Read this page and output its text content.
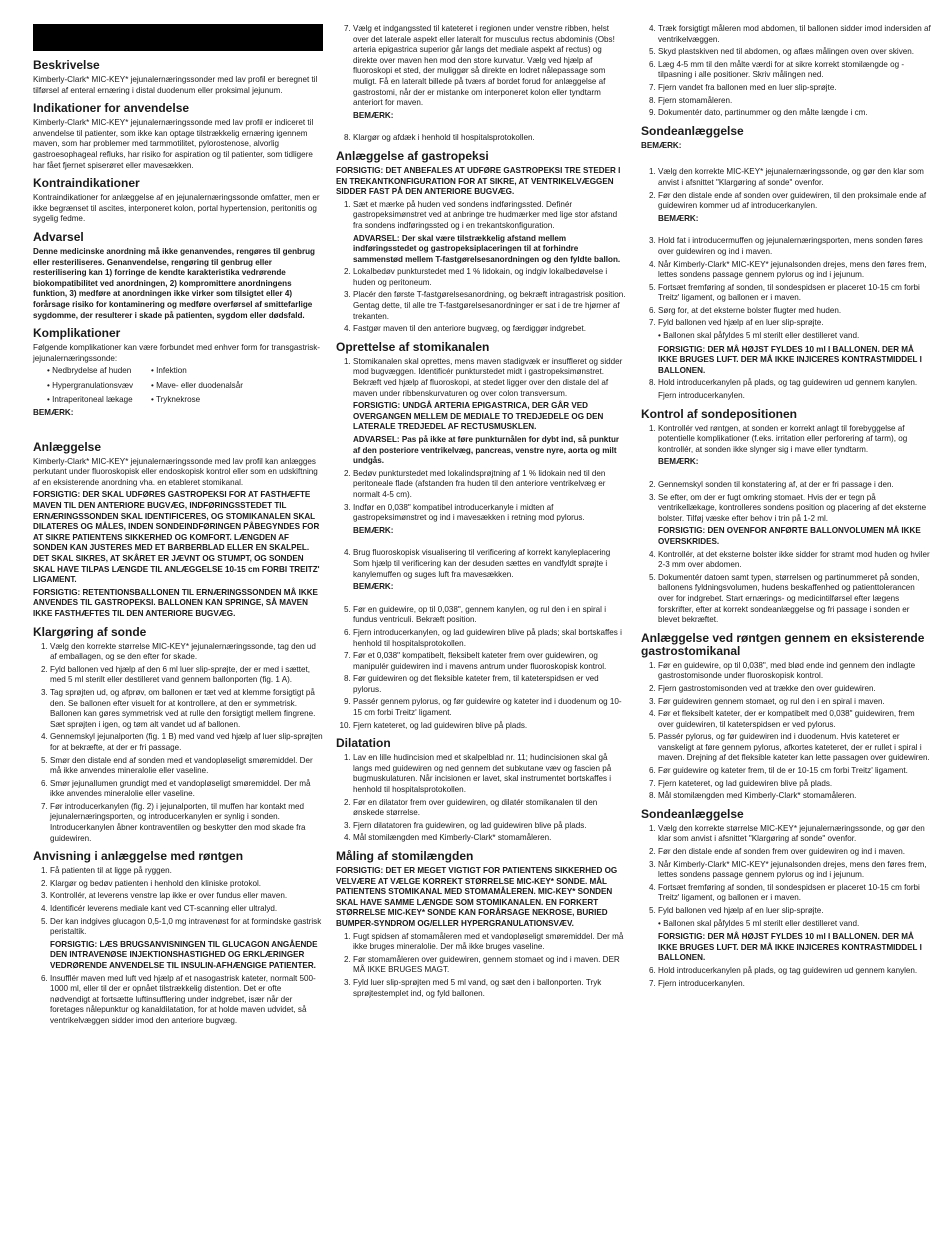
Beskrivelse

Kimberly-Clark* MIC-KEY* jejunalernæringssonder med lav profil er beregnet til tilførsel af enteral ernæring i distal duodenum eller proksimal jejunum.

Indikationer for anvendelse

Kimberly-Clark* MIC-KEY* jejunalernæringssonde med lav profil er indiceret til anvendelse til patienter, som ikke kan optage tilstrækkelig ernæring igennem maven, som har problemer med tarmmotilitet, pylorostenose, alvorlig gastroesophageal refluks, har risiko for aspiration og til patienter, som tidligere har fået fjernet spiserøret eller mavesækken.

Kontraindikationer

Kontraindikationer for anlæggelse af en jejunalernæringssonde omfatter, men er ikke begrænset til ascites, interponeret kolon, portal hypertension, peritonitis og sygelig fedme.

Advarsel

Denne medicinske anordning må ikke genanvendes, rengøres til genbrug eller resteriliseres. Genanvendelse, rengøring til genbrug eller resterilisering kan 1) forringe de kendte karakteristika vedrørende biokompatibilitet ved anordningen, 2) kompromittere anordningens funktion, 3) medføre at anordningen ikke virker som tilsigtet eller 4) forårsage risiko for kontaminering og medføre overførsel af smittefarlige sygdomme, der resulterer i skade på patienten, sygdom eller dødsfald.

Komplikationer

Følgende komplikationer kan være forbundet med enhver form for transgastrisk-jejunalernæringssonde:

• Nedbrydelse af huden	• Infektion
• Hypergranulationsvæv	• Mave- eller duodenalsår
• Intraperitoneal lækage	• Tryknekrose

BEMÆRK:

Anlæggelse

Kimberly-Clark* MIC-KEY* jejunalernæringssonde med lav profil kan anlægges perkutant under fluoroskopisk eller endoskopisk kontrol eller som en udskiftning af en eksisterende anordning vha. en etableret stomikanal.

FORSIGTIG: DER SKAL UDFØRES GASTROPEKSI FOR AT FASTHÆFTE MAVEN TIL DEN ANTERIORE BUGVÆG, INDFØRINGSSTEDET TIL ERNÆRINGSSONDEN SKAL IDENTIFICERES, OG STOMIKANALEN SKAL DILATERES OG MÅLES, INDEN SONDEINDFØRINGEN PÅBEGYNDES FOR AT SIKRE PATIENTENS SIKKERHED OG KOMFORT. LÆNGDEN AF SONDEN KAN JUSTERES MED ET BARBERBLAD ELLER EN SKALPEL. DET SKAL SIKRES, AT SKÅRET ER JÆVNT OG STUMPT, OG SONDEN SKAL HAVE TILPAS LÆNGDE TIL ANLÆGGELSE 10-15 cm FORBI TREITZ' LIGAMENT.

FORSIGTIG: RETENTIONSBALLONEN TIL ERNÆRINGSSONDEN MÅ IKKE ANVENDES TIL GASTROPEKSI. BALLONEN KAN SPRINGE, SÅ MAVEN IKKE FASTHÆFTES TIL DEN ANTERIORE BUGVÆG.

Klargøring af sonde
1. Vælg den korrekte størrelse MIC-KEY* jejunalernæringssonde, tag den ud af emballagen, og se den efter for skade.
2. Fyld ballonen ved hjælp af den 6 ml luer slip-sprøjte, der er med i sættet, med 5 ml sterilt eller destilleret vand gennem ballonporten (fig. 1 A).
3. Tag sprøjten ud, og afprøv, om ballonen er tæt ved at klemme forsigtigt på den. Se ballonen efter visuelt for at kontrollere, at den er symmetrisk. Ballonen kan gøres symmetrisk ved at rulle den forsigtigt mellem fingrene. Sæt sprøjten i igen, og tøm alt vandet ud af ballonen.
4. Gennemskyl jejunalporten (fig. 1 B) med vand ved hjælp af luer slip-sprøjten for at bekræfte, at der er fri passage.
5. Smør den distale end af sonden med et vandopløseligt smøremiddel. Der må ikke anvendes mineralolie eller vaseline.
6. Smør jejunallumen grundigt med et vandopløseligt smøremiddel. Der må ikke anvendes mineralolie eller vaseline.
7. Før introducerkanylen (fig. 2) i jejunalporten, til muffen har kontakt med jejunalernæringsporten, og introducerkanylen er synlig i sonden. Introducerkanylen åbner kontraventilen og beskytter den mod skade fra guidewiren.
Anvisning i anlæggelse med røntgen
1. Få patienten til at ligge på ryggen.
2. Klargør og bedøv patienten i henhold den kliniske protokol.
3. Kontrollér, at leverens venstre lap ikke er over fundus eller maven.
4. Identificér leverens mediale kant ved CT-scanning eller ultralyd.
5. Der kan indgives glucagon 0,5-1,0 mg intravenøst for at formindske gastrisk peristaltik.
FORSIGTIG: LÆS BRUGSANVISNINGEN TIL GLUCAGON ANGÅENDE DEN INTRAVENØSE INJEKTIONSHASTIGHED OG ERKLÆRINGER VEDRØRENDE ANVENDELSE TIL INSULIN-AFHÆNGIGE PATIENTER.
6. Insufflér maven med luft ved hjælp af et nasogastrisk kateter, normalt 500-1000 ml, eller til der er opnået tilstrækkelig distention. Det er ofte nødvendigt at fortsætte luftinsufflering under indgrebet, især når der foretages nålepunktur og kanaldilatation, for at holde maven udvidet, så ventrikelvæggen sidder imod den anteriore bugvæg.
7. Vælg et indgangssted til kateteret i regionen under venstre ribben, helst over det laterale aspekt eller lateralt for musculus rectus abdominis (Obs! arteria epigastrica superior går langs det mediale aspekt af rectus) og direkte over maven hen mod den store kurvatur. Vælg ved hjælp af fluoroskopi et sted, der muliggør så direkte en lodret nålepassage som muligt. Få en lateralt billede på tværs af bordet forud for anlæggelse af gastrostomi, når der er mistanke om interponeret kolon eller tyndtarm anteriort for maven.
BEMÆRK:
8. Klargør og afdæk i henhold til hospitalsprotokollen.
Anlæggelse af gastropeksi

FORSIGTIG: DET ANBEFALES AT UDFØRE GASTROPEKSI TRE STEDER I EN TREKANTKONFIGURATION FOR AT SIKRE, AT VENTRIKELVÆGGEN SIDDER FAST PÅ DEN ANTERIORE BUGVÆG.

1. Sæt et mærke på huden ved sondens indføringssted. Definér gastropeksimønstret ved at anbringe tre hudmærker med lige stor afstand fra sondens indføringssted og i en trekantskonfiguration.
ADVARSEL: Der skal være tilstrækkelig afstand mellem indføringsstedet og gastropeksiplaceringen til at forhindre sammenstød mellem T-fastgørelsesanordningen og den fyldte ballon.
2. Lokalbedøv punkturstedet med 1 % lidokain, og indgiv lokalbedøvelse i huden og peritoneum.
3. Placér den første T-fastgørelsesanordning, og bekræft intragastrisk position. Gentag dette, til alle tre T-fastgørelsesanordninger er sat i de tre hjørner af trekanten.
4. Fastgør maven til den anteriore bugvæg, og færdiggør indgrebet.
Oprettelse af stomikanalen
1. Stomikanalen skal oprettes, mens maven stadigvæk er insuffleret og sidder mod bugvæggen. Identificér punkturstedet midt i gastropeksimønstret. Bekræft ved hjælp af fluoroskopi, at stedet ligger over den distale del af maven under ribbenskurvaturen og over colon transversum.
FORSIGTIG: UNDGÅ ARTERIA EPIGASTRICA, DER GÅR VED OVERGANGEN MELLEM DE MEDIALE TO TREDJEDELE OG DEN LATERALE TREDJEDEL AF RECTUSMUSKLEN.
ADVARSEL: Pas på ikke at føre punkturnålen for dybt ind, så punktur af den posteriore ventrikelvæg, pancreas, venstre nyre, aorta og milt undgås.
2. Bedøv punkturstedet med lokalindsprøjtning af 1 % lidokain ned til den peritoneale flade (afstanden fra huden til den anteriore ventrikelvæg er normalt 4-5 cm).
3. Indfør en 0,038" kompatibel introducerkanyle i midten af gastropeksimønstret og ind i mavesækken i retning mod pylorus.
BEMÆRK:
4. Brug fluoroskopisk visualisering til verificering af korrekt kanyleplacering Som hjælp til verificering kan der desuden sættes en vandfyldt sprøjte i kanylemuffen og suges luft fra mavesækken.
BEMÆRK:
5. Før en guidewire, op til 0,038", gennem kanylen, og rul den i en spiral i fundus ventriculi. Bekræft position.
6. Fjern introducerkanylen, og lad guidewiren blive på plads; skal bortskaffes i henhold til hospitalsprotokollen.
7. Før et 0,038" kompatibelt, fleksibelt kateter frem over guidewiren, og manipulér guidewiren ind i mavens antrum under fluoroskopisk kontrol.
8. Før guidewiren og det fleksible kateter frem, til kateterspidsen er ved pylorus.
9. Passér gennem pylorus, og før guidewire og kateter ind i duodenum og 10-15 cm forbi Treitz' ligament.
10. Fjern kateteret, og lad guidewiren blive på plads.
Dilatation
1. Lav en lille hudincision med et skalpelblad nr. 11; hudincisionen skal gå langs med guidewiren og ned gennem det subkutane væv og fascien på bugmuskulaturen. Når incisionen er lavet, skal instrumentet bortskaffes i henhold til hospitalsprotokollen.
2. Før en dilatator frem over guidewiren, og dilatér stomikanalen til den ønskede størrelse.
3. Fjern dilatatoren fra guidewiren, og lad guidewiren blive på plads.
4. Mål stomilængden med Kimberly-Clark* stomamåleren.
Måling af stomilængden

FORSIGTIG: DET ER MEGET VIGTIGT FOR PATIENTENS SIKKERHED OG VELVÆRE AT VÆLGE KORREKT STØRRELSE MIC-KEY* SONDE. MÅL PATIENTENS STOMIKANAL MED STOMAMÅLEREN. MIC-KEY* SONDEN SKAL HAVE SAMME LÆNGDE SOM STOMIKANALEN. EN FORKERT STØRRELSE MIC-KEY* SONDE KAN FORÅRSAGE NEKROSE, BURIED BUMPER-SYNDROM OG/ELLER HYPERGRANULATIONSVÆV.

1. Fugt spidsen af stomamåleren med et vandopløseligt smøremiddel. Der må ikke bruges mineralolie. Der må ikke bruges vaseline.
2. Før stomamåleren over guidewiren, gennem stomaet og ind i maven. DER MÅ IKKE BRUGES MAGT.
3. Fyld luer slip-sprøjten med 5 ml vand, og sæt den i ballonporten. Tryk sprøjtestemplet ind, og fyld ballonen.
4. Træk forsigtigt måleren mod abdomen, til ballonen sidder imod indersiden af ventrikelvæggen.
5. Skyd plastskiven ned til abdomen, og aflæs målingen oven over skiven.
6. Læg 4-5 mm til den målte værdi for at sikre korrekt stomilængde og -tilpasning i alle positioner. Skriv målingen ned.
7. Fjern vandet fra ballonen med en luer slip-sprøjte.
8. Fjern stomamåleren.
9. Dokumentér dato, partinummer og den målte længde i cm.
Sondeanlæggelse

BEMÆRK:

1. Vælg den korrekte MIC-KEY* jejunalernæringssonde, og gør den klar som anvist i afsnittet "Klargøring af sonde" ovenfor.
2. Før den distale ende af sonden over guidewiren, til den proksimale ende af guidewiren kommer ud af introducerkanylen.
BEMÆRK:
3. Hold fat i introducermuffen og jejunalernæringsporten, mens sonden føres over guidewiren og ind i maven.
4. Når Kimberly-Clark* MIC-KEY* jejunalsonden drejes, mens den føres frem, lettes sondens passage gennem pylorus og ind i jejunum.
5. Fortsæt fremføring af sonden, til sondespidsen er placeret 10-15 cm forbi Treitz' ligament, og ballonen er i maven.
6. Sørg for, at det eksterne bolster flugter med huden.
7. Fyld ballonen ved hjælp af en luer slip-sprøjte.
• Ballonen skal påfyldes 5 ml sterilt eller destilleret vand.
FORSIGTIG: DER MÅ HØJST FYLDES 10 ml I BALLONEN. DER MÅ IKKE BRUGES LUFT. DER MÅ IKKE INJICERES KONTRASTMIDDEL I BALLONEN.
8. Hold introducerkanylen på plads, og tag guidewiren ud gennem kanylen.
Fjern introducerkanylen.
Kontrol af sondepositionen
1. Kontrollér ved røntgen, at sonden er korrekt anlagt til forebyggelse af potentielle komplikationer (f.eks. irritation eller perforering af tarm), og kontrollér, at sonden ikke slynger sig i mave eller tyndtarm.
BEMÆRK:
2. Gennemskyl sonden til konstatering af, at der er fri passage i den.
3. Se efter, om der er fugt omkring stomaet. Hvis der er tegn på ventrikellækage, kontrolleres sondens position og placering af det eksterne bolster. Tilføj væske efter behov i trin på 1-2 ml.
FORSIGTIG: DEN OVENFOR ANFØRTE BALLONVOLUMEN MÅ IKKE OVERSKRIDES.
4. Kontrollér, at det eksterne bolster ikke sidder for stramt mod huden og hviler 2-3 mm over abdomen.
5. Dokumentér datoen samt typen, størrelsen og partinummeret på sonden, ballonens fyldningsvolumen, hudens beskaffenhed og patienttolerancen over for indgrebet. Start ernærings- og medicintilførsel efter lægens forskrifter, efter at korrekt sondeanlæggelse og fri passage i sonden er blevet bekræftet.
Anlæggelse ved røntgen gennem en eksisterende gastrostomikanal
1. Før en guidewire, op til 0,038", med blød ende ind gennem den indlagte gastrostomisonde under fluoroskopisk kontrol.
2. Fjern gastrostomisonden ved at trække den over guidewiren.
3. Før guidewiren gennem stomaet, og rul den i en spiral i maven.
4. Før et fleksibelt kateter, der er kompatibelt med 0,038" guidewiren, frem over guidewiren, til kateterspidsen er ved pylorus.
5. Passér pylorus, og før guidewiren ind i duodenum. Hvis kateteret er vanskeligt at føre gennem pylorus, afkortes kateteret, der er rullet i spiral i maven. Drejning af det fleksible kateter kan lette passagen over guidewiren.
6. Før guidewire og kateter frem, til de er 10-15 cm forbi Treitz' ligament.
7. Fjern kateteret, og lad guidewiren blive på plads.
8. Mål stomilængden med Kimberly-Clark* stomamåleren.
Sondeanlæggelse
1. Vælg den korrekte størrelse MIC-KEY* jejunalernæringssonde, og gør den klar som anvist i afsnittet "Klargøring af sonde" ovenfor.
2. Før den distale ende af sonden frem over guidewiren og ind i maven.
3. Når Kimberly-Clark* MIC-KEY* jejunalsonden drejes, mens den føres frem, lettes sondens passage gennem pylorus og ind i jejunum.
4. Fortsæt fremføring af sonden, til sondespidsen er placeret 10-15 cm forbi Treitz' ligament, og ballonen er i maven.
5. Fyld ballonen ved hjælp af en luer slip-sprøjte.
• Ballonen skal påfyldes 5 ml sterilt eller destilleret vand.
FORSIGTIG: DER MÅ HØJST FYLDES 10 ml I BALLONEN. DER MÅ IKKE BRUGES LUFT. DER MÅ IKKE INJICERES KONTRASTMIDDEL I BALLONEN.
6. Hold introducerkanylen på plads, og tag guidewiren ud gennem kanylen.
7. Fjern introducerkanylen.
